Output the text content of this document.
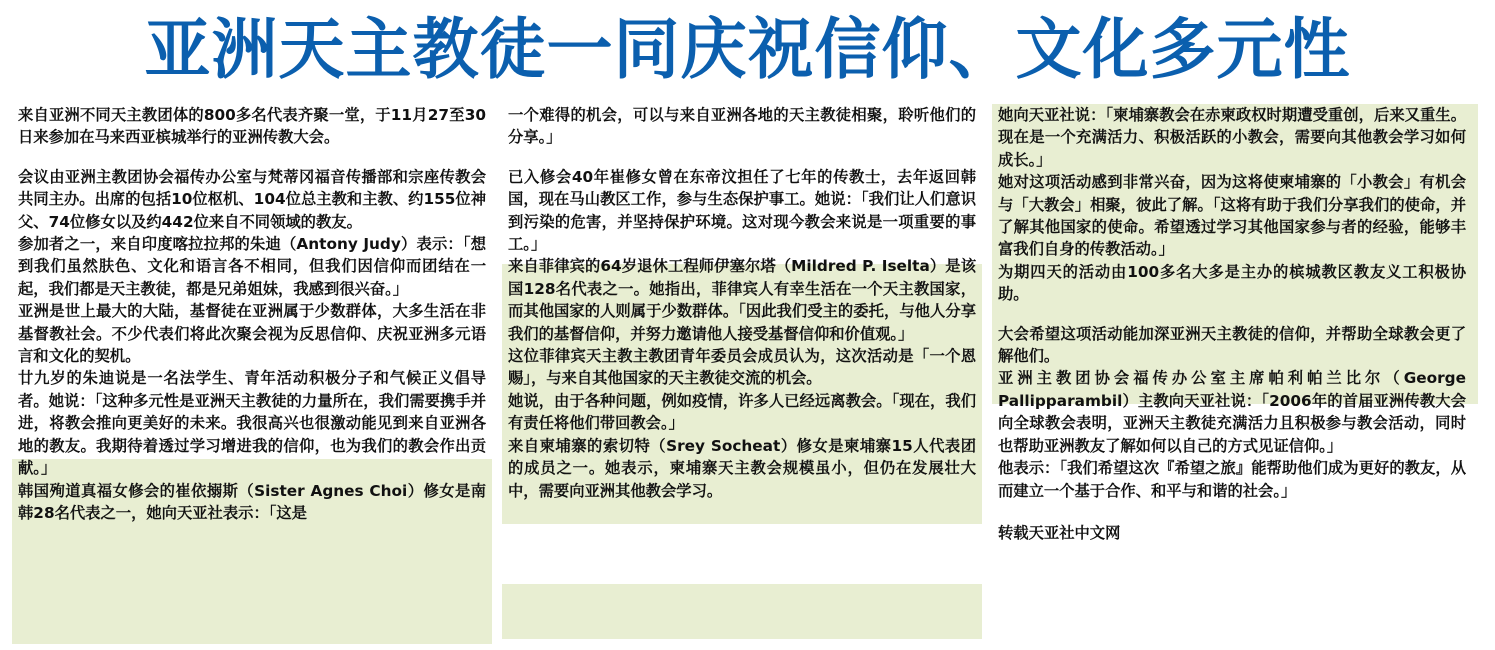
亚洲天主教徒一同庆祝信仰、文化多元性

来自亚洲不同天主教团体的800多名代表齐聚一堂，于11月27至30日来参加在马来西亚槟城举行的亚洲传教大会。

会议由亚洲主教团协会福传办公室与梵蒂冈福音传播部和宗座传教会共同主办。出席的包括10位枢机、104位总主教和主教、约155位神父、74位修女以及约442位来自不同领域的教友。

参加者之一，来自印度喀拉拉邦的朱迪（Antony Judy）表示：「想到我们虽然肤色、文化和语言各不相同，但我们因信仰而团结在一起，我们都是天主教徒，都是兄弟姐妹，我感到很兴奋。」

亚洲是世上最大的大陆，基督徒在亚洲属于少数群体，大多生活在非基督教社会。不少代表们将此次聚会视为反思信仰、庆祝亚洲多元语言和文化的契机。

廿九岁的朱迪说是一名法学生、青年活动积极分子和气候正义倡导者。她说：「这种多元性是亚洲天主教徒的力量所在，我们需要携手并进，将教会推向更美好的未来。我很高兴也很激动能见到来自亚洲各地的教友。我期待着透过学习增进我的信仰，也为我们的教会作出贡献。」

韩国殉道真福女修会的崔依搦斯（Sister Agnes Choi）修女是南韩28名代表之一，她向天亚社表示：「这是

一个难得的机会，可以与来自亚洲各地的天主教徒相聚，聆听他们的分享。」

已入修会40年崔修女曾在东帝汶担任了七年的传教士，去年返回韩国，现在马山教区工作，参与生态保护事工。她说：「我们让人们意识到污染的危害，并坚持保护环境。这对现今教会来说是一项重要的事工。」

来自菲律宾的64岁退休工程师伊塞尔塔（Mildred P. Iselta）是该国128名代表之一。她指出，菲律宾人有幸生活在一个天主教国家，而其他国家的人则属于少数群体。「因此我们受主的委托，与他人分享我们的基督信仰，并努力邀请他人接受基督信仰和价值观。」

这位菲律宾天主教主教团青年委员会成员认为，这次活动是「一个恩赐」，与来自其他国家的天主教徒交流的机会。

她说，由于各种问题，例如疫情，许多人已经远离教会。「现在，我们有责任将他们带回教会。」

来自柬埔寨的索切特（Srey Socheat）修女是柬埔寨15人代表团的成员之一。她表示，柬埔寨天主教会规模虽小，但仍在发展壮大中，需要向亚洲其他教会学习。

她向天亚社说：「柬埔寨教会在赤柬政权时期遭受重创，后来又重生。现在是一个充满活力、积极活跃的小教会，需要向其他教会学习如何成长。」

她对这项活动感到非常兴奋，因为这将使柬埔寨的「小教会」有机会与「大教会」相聚，彼此了解。「这将有助于我们分享我们的使命，并了解其他国家的使命。希望透过学习其他国家参与者的经验，能够丰富我们自身的传教活动。」

为期四天的活动由100多名大多是主办的槟城教区教友义工积极协助。

大会希望这项活动能加深亚洲天主教徒的信仰，并帮助全球教会更了解他们。

亚洲主教团协会福传办公室主席帕利帕兰比尔（George Pallipparambil）主教向天亚社说：「2006年的首届亚洲传教大会向全球教会表明，亚洲天主教徒充满活力且积极参与教会活动，同时也帮助亚洲教友了解如何以自己的方式见证信仰。」

他表示：「我们希望这次『希望之旅』能帮助他们成为更好的教友，从而建立一个基于合作、和平与和谐的社会。」

转载天亚社中文网
